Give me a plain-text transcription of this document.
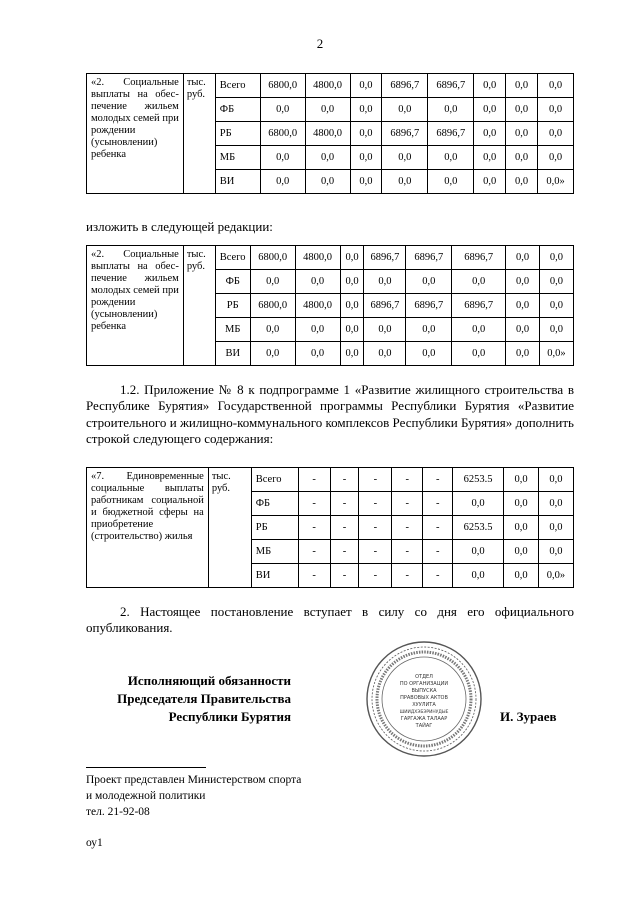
2
«2. Социальные выплаты на обеспечение жильем молодых семей при рождении (усыновлении) ребенка	тыс. руб.	Всего	6800,0	4800,0	0,0	6896,7	6896,7	0,0	0,0	0,0
		ФБ	0,0	0,0	0,0	0,0	0,0	0,0	0,0	0,0
		РБ	6800,0	4800,0	0,0	6896,7	6896,7	0,0	0,0	0,0
		МБ	0,0	0,0	0,0	0,0	0,0	0,0	0,0	0,0
		ВИ	0,0	0,0	0,0	0,0	0,0	0,0	0,0	0,0»

изложить в следующей редакции:

«2. Социальные выплаты на обеспечение жильем молодых семей при рождении (усыновлении) ребенка	тыс. руб.	Всего	6800,0	4800,0	0,0	6896,7	6896,7	6896,7	0,0	0,0
		ФБ	0,0	0,0	0,0	0,0	0,0	0,0	0,0	0,0
		РБ	6800,0	4800,0	0,0	6896,7	6896,7	6896,7	0,0	0,0
		МБ	0,0	0,0	0,0	0,0	0,0	0,0	0,0	0,0
		ВИ	0,0	0,0	0,0	0,0	0,0	0,0	0,0	0,0»

1.2. Приложение № 8 к подпрограмме 1 «Развитие жилищного строительства в Республике Бурятия» Государственной программы Республики Бурятия «Развитие строительного и жилищно-коммунального комплексов Республики Бурятия» дополнить строкой следующего содержания:

«7. Единовременные социальные выплаты работникам социальной и бюджетной сферы на приобретение (строительство) жилья	тыс. руб.	Всего	-	-	-	-	-	6253.5	0,0	0,0
		ФБ	-	-	-	-	-	0,0	0,0	0,0
		РБ	-	-	-	-	-	6253.5	0,0	0,0
		МБ	-	-	-	-	-	0,0	0,0	0,0
		ВИ	-	-	-	-	-	0,0	0,0	0,0»

2. Настоящее постановление вступает в силу со дня его официального опубликования.

Исполняющий обязанности
Председателя Правительства
Республики Бурятия
ОТДЕЛ
ПО ОРГАНИЗАЦИИ
ВЫПУСКА
ПРАВОВЫХ АКТОВ
ХУУЛИТА
ШИИДХЭБЭРИНУДЫЕ
ГАРГАЖА ТАЛААР
ТАЙАГ
И. Зураев
Проект представлен Министерством спорта
и молодежной политики
тел. 21-92-08
оу1
